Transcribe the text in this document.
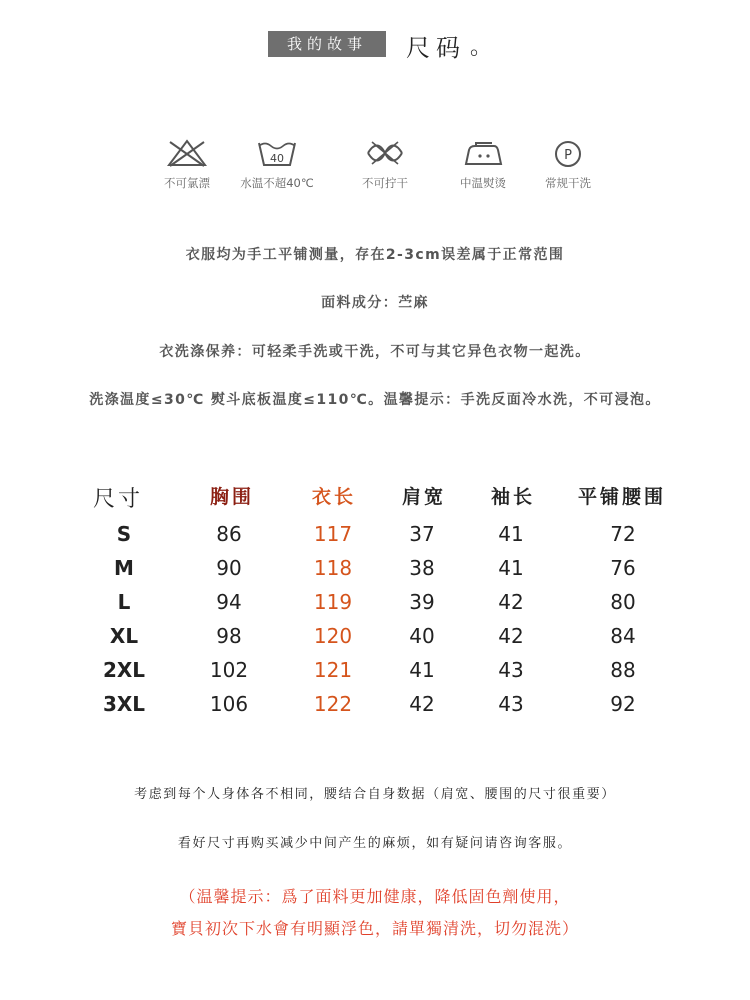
我的故事	尺码 。
不可氯漂
40
水温不超40℃	不可拧干	中温熨烫
P
常规干洗
衣服均为手工平铺测量，存在2-3cm误差属于正常范围
面料成分：苎麻
衣洗涤保养：可轻柔手洗或干洗，不可与其它异色衣物一起洗。
洗涤温度≤30℃ 熨斗底板温度≤110℃。温馨提示：手洗反面冷水洗，不可浸泡。
尺寸	胸围	衣长 肩宽 袖长 平铺腰围
S	86	117	37	41	72
M	90	118	38	41	76
L	94	119	39	42	80
XL	98	120	40	42	84
2XL	102	121	41	43	88
3XL	106	122	42	43	92
考虑到每个人身体各不相同，腰结合自身数据（肩宽、腰围的尺寸很重要）
看好尺寸再购买减少中间产生的麻烦，如有疑问请咨询客服。
（温馨提示：爲了面料更加健康，降低固色劑使用，
寶貝初次下水會有明顯浮色，請單獨清洗，切勿混洗）
